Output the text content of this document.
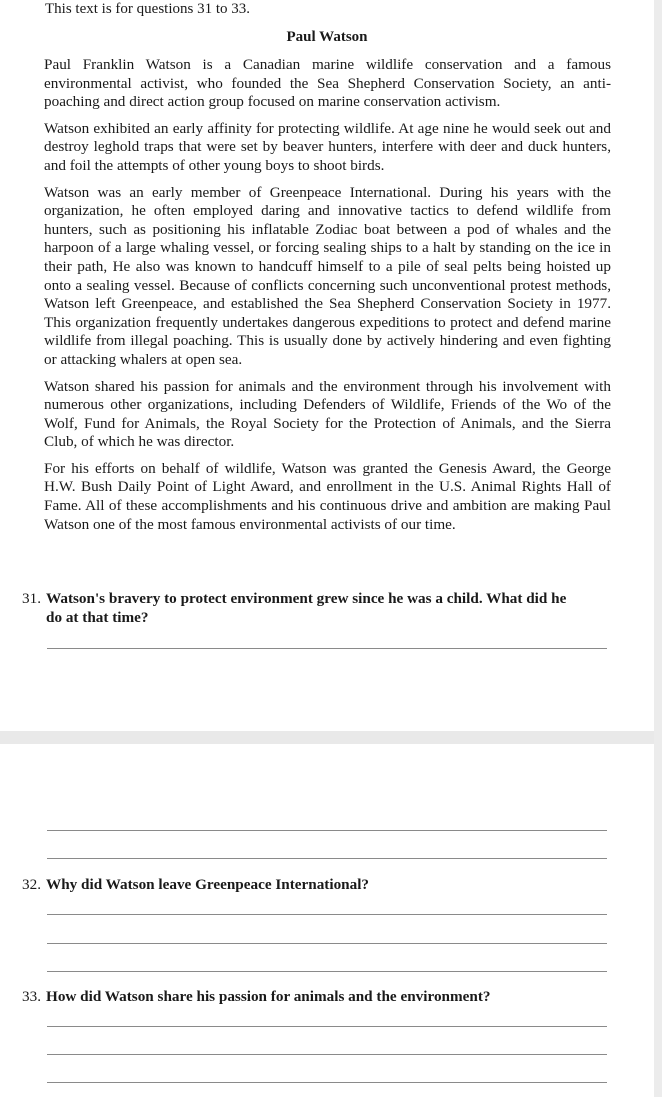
This text is for questions 31 to 33.
Paul Watson

Paul Franklin Watson is a Canadian marine wildlife conservation and a famous environmental activist, who founded the Sea Shepherd Conservation Society, an anti-poaching and direct action group focused on marine conservation activism.

Watson exhibited an early affinity for protecting wildlife. At age nine he would seek out and destroy leghold traps that were set by beaver hunters, interfere with deer and duck hunters, and foil the attempts of other young boys to shoot birds.

Watson was an early member of Greenpeace International. During his years with the organization, he often employed daring and innovative tactics to defend wildlife from hunters, such as positioning his inflatable Zodiac boat between a pod of whales and the harpoon of a large whaling vessel, or forcing sealing ships to a halt by standing on the ice in their path, He also was known to handcuff himself to a pile of seal pelts being hoisted up onto a sealing vessel. Because of conflicts concerning such unconventional protest methods, Watson left Greenpeace, and established the Sea Shepherd Conservation Society in 1977. This organization frequently undertakes dangerous expeditions to protect and defend marine wildlife from illegal poaching. This is usually done by actively hindering and even fighting or attacking whalers at open sea.

Watson shared his passion for animals and the environment through his involvement with numerous other organizations, including Defenders of Wildlife, Friends of the Wo of the Wolf, Fund for Animals, the Royal Society for the Protection of Animals, and the Sierra Club, of which he was director.

For his efforts on behalf of wildlife, Watson was granted the Genesis Award, the George H.W. Bush Daily Point of Light Award, and enrollment in the U.S. Animal Rights Hall of Fame. All of these accomplishments and his continuous drive and ambition are making Paul Watson one of the most famous environmental activists of our time.

31. Watson's bravery to protect environment grew since he was a child. What did he
do at that time?
32. Why did Watson leave Greenpeace International?
33. How did Watson share his passion for animals and the environment?
